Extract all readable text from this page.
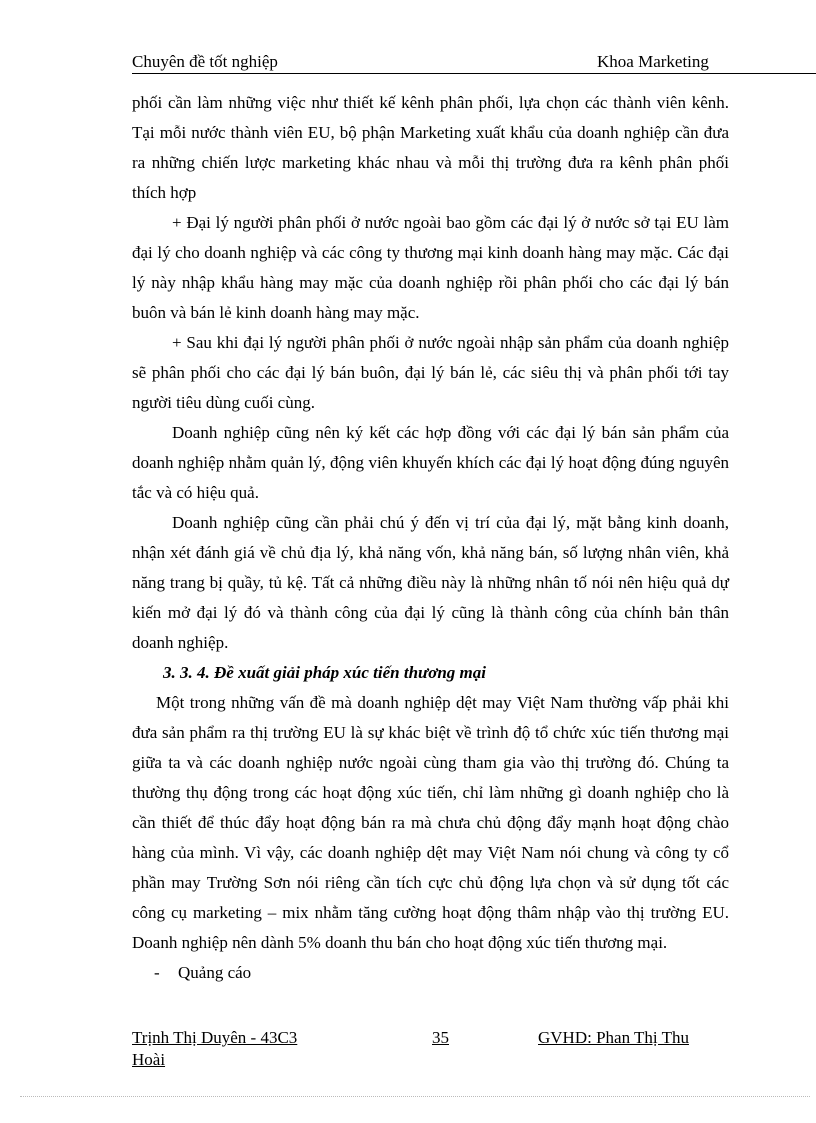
Chuyên đề tốt nghiệp	Khoa Marketing

phối cần làm những việc như thiết kế kênh phân phối, lựa chọn các thành viên kênh. Tại mỗi nước thành viên EU, bộ phận Marketing xuất khẩu của doanh nghiệp cần đưa ra những chiến lược marketing khác nhau và mỗi thị trường đưa ra kênh phân phối thích hợp

+ Đại lý người phân phối ở nước ngoài bao gồm các đại lý ở nước sở tại EU làm đại lý cho doanh nghiệp và các công ty thương mại kinh doanh hàng may mặc. Các đại lý này nhập khẩu hàng may mặc của doanh nghiệp rồi phân phối cho các đại lý bán buôn và bán lẻ kinh doanh hàng may mặc.

+ Sau khi đại lý người phân phối ở nước ngoài nhập sản phẩm của doanh nghiệp sẽ phân phối cho các đại lý bán buôn, đại lý bán lẻ, các siêu thị và phân phối tới tay người tiêu dùng cuối cùng.

Doanh nghiệp cũng nên ký kết các hợp đồng với các đại lý bán sản phẩm của doanh nghiệp nhằm quản lý, động viên khuyến khích các đại lý hoạt động đúng nguyên tắc và có hiệu quả.

Doanh nghiệp cũng cần phải chú ý đến vị trí của đại lý, mặt bằng kinh doanh, nhận xét đánh giá về chủ địa lý, khả năng vốn, khả năng bán, số lượng nhân viên, khả năng trang bị quầy, tủ kệ. Tất cả những điều này là những nhân tố nói nên hiệu quả dự kiến mở đại lý đó và thành công của đại lý cũng là thành công của chính bản thân doanh nghiệp.

3. 3. 4. Đề xuất giải pháp xúc tiến thương mại

Một trong những vấn đề mà doanh nghiệp dệt may Việt Nam thường vấp phải khi đưa sản phẩm ra thị trường EU là sự khác biệt về trình độ tổ chức xúc tiến thương mại giữa ta và các doanh nghiệp nước ngoài cùng tham gia vào thị trường đó. Chúng ta thường thụ động trong các hoạt động xúc tiến, chỉ làm những gì doanh nghiệp cho là cần thiết để thúc đẩy hoạt động bán ra mà chưa chủ động đẩy mạnh hoạt động chào hàng của mình. Vì vậy, các doanh nghiệp dệt may Việt Nam nói chung và công ty cổ phần may Trường Sơn nói riêng cần tích cực chủ động lựa chọn và sử dụng tốt các công cụ marketing – mix nhằm tăng cường hoạt động thâm nhập vào thị trường EU. Doanh nghiệp nên dành 5% doanh thu bán cho hoạt động xúc tiến thương mại.

- Quảng cáo

Trịnh Thị Duyên - 43C3	35	GVHD: Phan Thị Thu
Hoài
